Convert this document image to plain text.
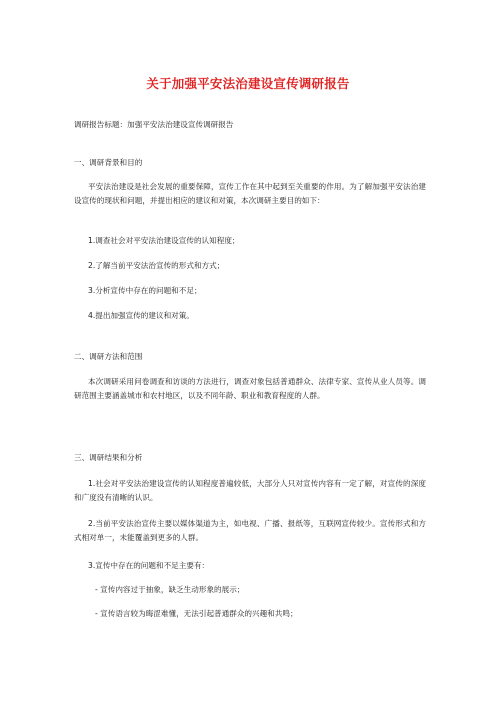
关于加强平安法治建设宣传调研报告
调研报告标题：加强平安法治建设宣传调研报告
一、调研背景和目的
平安法治建设是社会发展的重要保障，宣传工作在其中起到至关重要的作用。为了解加强平安法治建设宣传的现状和问题，并提出相应的建议和对策，本次调研主要目的如下：
1.调查社会对平安法治建设宣传的认知程度；
2.了解当前平安法治宣传的形式和方式；
3.分析宣传中存在的问题和不足；
4.提出加强宣传的建议和对策。
二、调研方法和范围
本次调研采用问卷调查和访谈的方法进行，调查对象包括普通群众、法律专家、宣传从业人员等。调研范围主要涵盖城市和农村地区，以及不同年龄、职业和教育程度的人群。
三、调研结果和分析
1.社会对平安法治建设宣传的认知程度普遍较低，大部分人只对宣传内容有一定了解，对宣传的深度和广度没有清晰的认识。
2.当前平安法治宣传主要以媒体渠道为主，如电视、广播、报纸等，互联网宣传较少。宣传形式和方式相对单一，未能覆盖到更多的人群。
3.宣传中存在的问题和不足主要有：
- 宣传内容过于抽象，缺乏生动形象的展示；
- 宣传语言较为晦涩难懂，无法引起普通群众的兴趣和共鸣；
